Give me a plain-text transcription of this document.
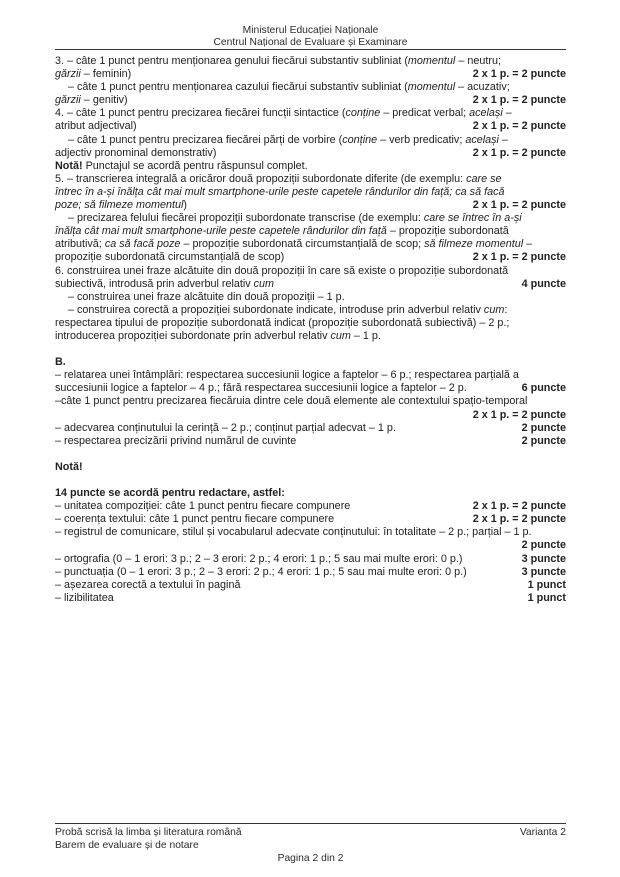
Ministerul Educației Naționale
Centrul Național de Evaluare și Examinare
3. – câte 1 punct pentru menționarea genului fiecărui substantiv subliniat (momentul – neutru;
gărzii – feminin)	2 x 1 p. = 2 puncte
– câte 1 punct pentru menționarea cazului fiecărui substantiv subliniat (momentul – acuzativ;
gărzii – genitiv)	2 x 1 p. = 2 puncte
4. – câte 1 punct pentru precizarea fiecărei funcții sintactice (conține – predicat verbal; același –
atribut adjectival)	2 x 1 p. = 2 puncte
– câte 1 punct pentru precizarea fiecărei părți de vorbire (conține – verb predicativ; același –
adjectiv pronominal demonstrativ)	2 x 1 p. = 2 puncte
Notă! Punctajul se acordă pentru răspunsul complet.
5. – transcrierea integrală a oricăror două propoziții subordonate diferite (de exemplu: care se
întrec în a-și înălța cât mai mult smartphone-urile peste capetele rândurilor din față; ca să facă
poze; să filmeze momentul)	2 x 1 p. = 2 puncte
– precizarea felului fiecărei propoziții subordonate transcrise (de exemplu: care se întrec în a-și
înălța cât mai mult smartphone-urile peste capetele rândurilor din față – propoziție subordonată
atributivă; ca să facă poze – propoziție subordonată circumstanțială de scop; să filmeze momentul –
propoziție subordonată circumstanțială de scop)	2 x 1 p. = 2 puncte
6. construirea unei fraze alcătuite din două propoziții în care să existe o propoziție subordonată
subiectivă, introdusă prin adverbul relativ cum	4 puncte
– construirea unei fraze alcătuite din două propoziții – 1 p.
– construirea corectă a propoziției subordonate indicate, introduse prin adverbul relativ cum:
respectarea tipului de propoziție subordonată indicat (propoziție subordonată subiectivă) – 2 p.;
introducerea propoziției subordonate prin adverbul relativ cum – 1 p.
B.
– relatarea unei întâmplări: respectarea succesiunii logice a faptelor – 6 p.; respectarea parțială a
succesiunii logice a faptelor – 4 p.; fără respectarea succesiunii logice a faptelor – 2 p.	6 puncte
–câte 1 punct pentru precizarea fiecăruia dintre cele două elemente ale contextului spațio-temporal
2 x 1 p. = 2 puncte
– adecvarea conținutului la cerință – 2 p.; conținut parțial adecvat – 1 p.	2 puncte
– respectarea precizării privind numărul de cuvinte	2 puncte
Notă!
14 puncte se acordă pentru redactare, astfel:
– unitatea compoziției: câte 1 punct pentru fiecare compunere	2 x 1 p. = 2 puncte
– coerența textului: câte 1 punct pentru fiecare compunere	2 x 1 p. = 2 puncte
– registrul de comunicare, stilul și vocabularul adecvate conținutului: în totalitate – 2 p.; parțial – 1 p.
2 puncte
– ortografia (0 – 1 erori: 3 p.; 2 – 3 erori: 2 p.; 4 erori: 1 p.; 5 sau mai multe erori: 0 p.)	3 puncte
– punctuația (0 – 1 erori: 3 p.; 2 – 3 erori: 2 p.; 4 erori: 1 p.; 5 sau mai multe erori: 0 p.)	3 puncte
– așezarea corectă a textului în pagină	1 punct
– lizibilitatea	1 punct
Probă scrisă la limba și literatura română	Varianta 2
Barem de evaluare și de notare
Pagina 2 din 2
